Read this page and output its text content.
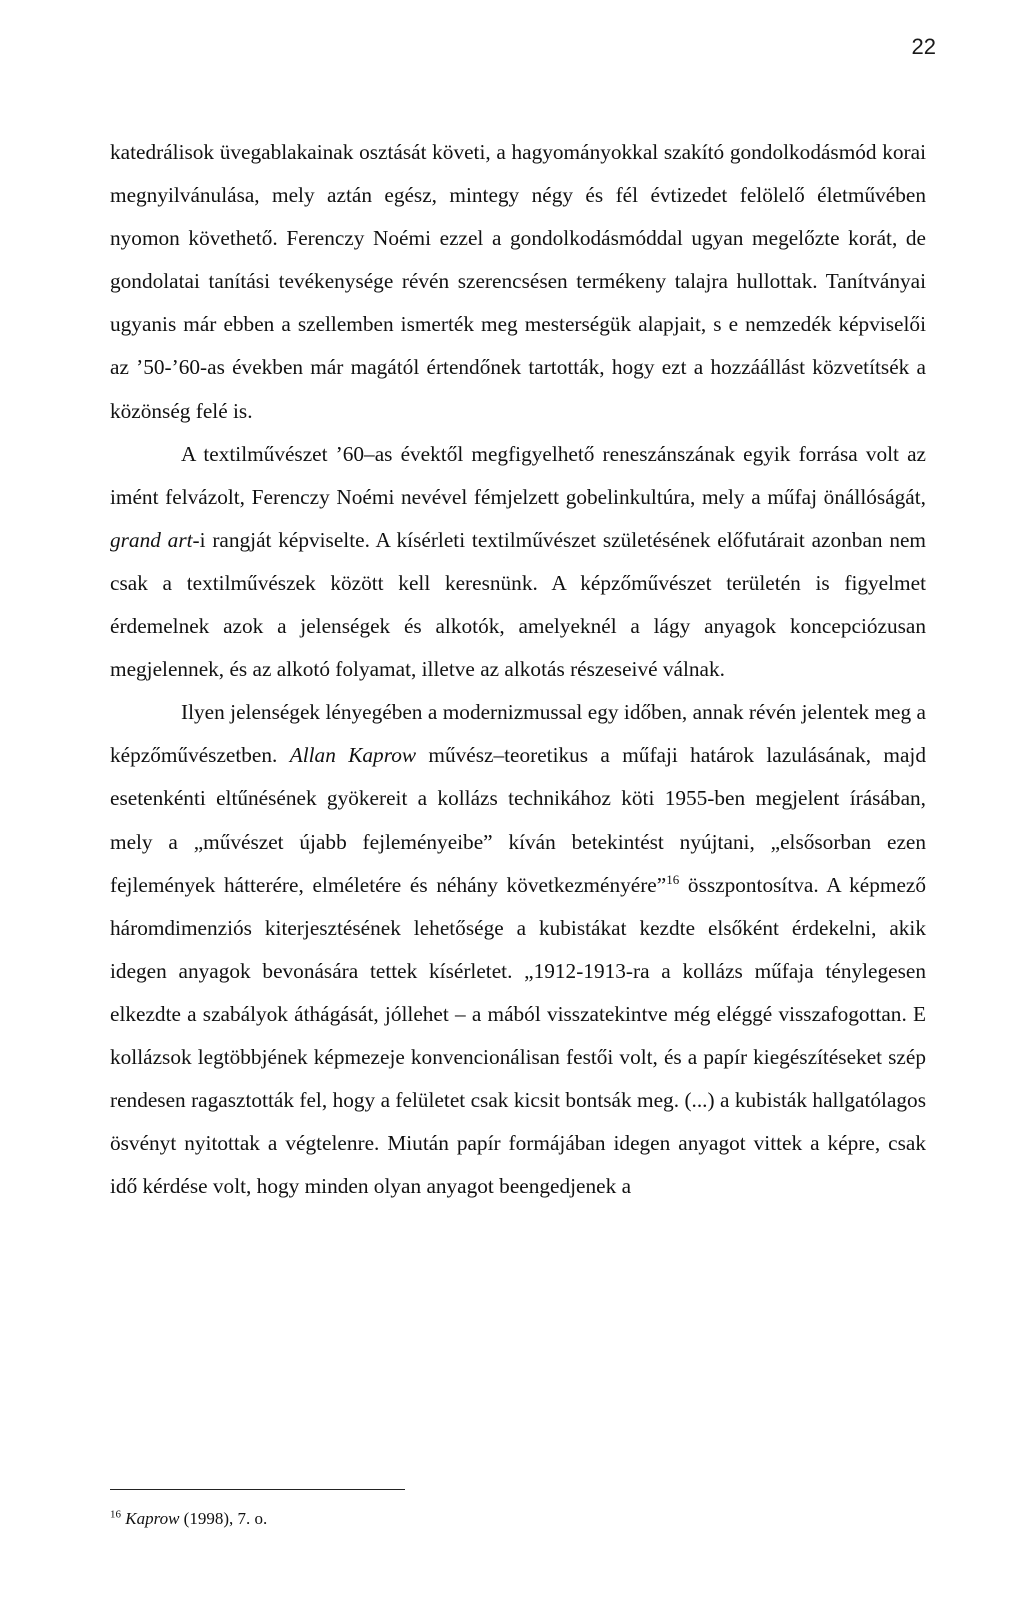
22

katedrálisok üvegablakainak osztását követi, a hagyományokkal szakító gondolkodásmód korai megnyilvánulása, mely aztán egész, mintegy négy és fél évtizedet felölelő életművében nyomon követhető. Ferenczy Noémi ezzel a gondolkodásmóddal ugyan megelőzte korát, de gondolatai tanítási tevékenysége révén szerencsésen termékeny talajra hullottak. Tanítványai ugyanis már ebben a szellemben ismerték meg mesterségük alapjait, s e nemzedék képviselői az ’50-’60-as években már magától értendőnek tartották, hogy ezt a hozzáállást közvetítsék a közönség felé is.

A textilművészet ’60–as évektől megfigyelhető reneszánszának egyik forrása volt az imént felvázolt, Ferenczy Noémi nevével fémjelzett gobelinkultúra, mely a műfaj önállóságát, grand art-i rangját képviselte. A kísérleti textilművészet születésének előfutárait azonban nem csak a textilművészek között kell keresnünk. A képzőművészet területén is figyelmet érdemelnek azok a jelenségek és alkotók, amelyeknél a lágy anyagok koncepciózusan megjelennek, és az alkotó folyamat, illetve az alkotás részeseivé válnak.

Ilyen jelenségek lényegében a modernizmussal egy időben, annak révén jelentek meg a képzőművészetben. Allan Kaprow művész–teoretikus a műfaji határok lazulásának, majd esetenkénti eltűnésének gyökereit a kollázs technikához köti 1955-ben megjelent írásában, mely a „művészet újabb fejleményeibe” kíván betekintést nyújtani, „elsősorban ezen fejlemények hátterére, elméletére és néhány következményére”$^{16}$ összpontosítva. A képmező háromdimenziós kiterjesztésének lehetősége a kubistákat kezdte elsőként érdekelni, akik idegen anyagok bevonására tettek kísérletet. „1912-1913-ra a kollázs műfaja ténylegesen elkezdte a szabályok áthágását, jóllehet – a mából visszatekintve még eléggé visszafogottan. E kollázsok legtöbbjének képmezeje konvencionálisan festői volt, és a papír kiegészítéseket szép rendesen ragasztották fel, hogy a felületet csak kicsit bontsák meg. (...) a kubisták hallgatólagos ösvényt nyitottak a végtelenre. Miután papír formájában idegen anyagot vittek a képre, csak idő kérdése volt, hogy minden olyan anyagot beengedjenek a

$^{16}$ Kaprow (1998), 7. o.
